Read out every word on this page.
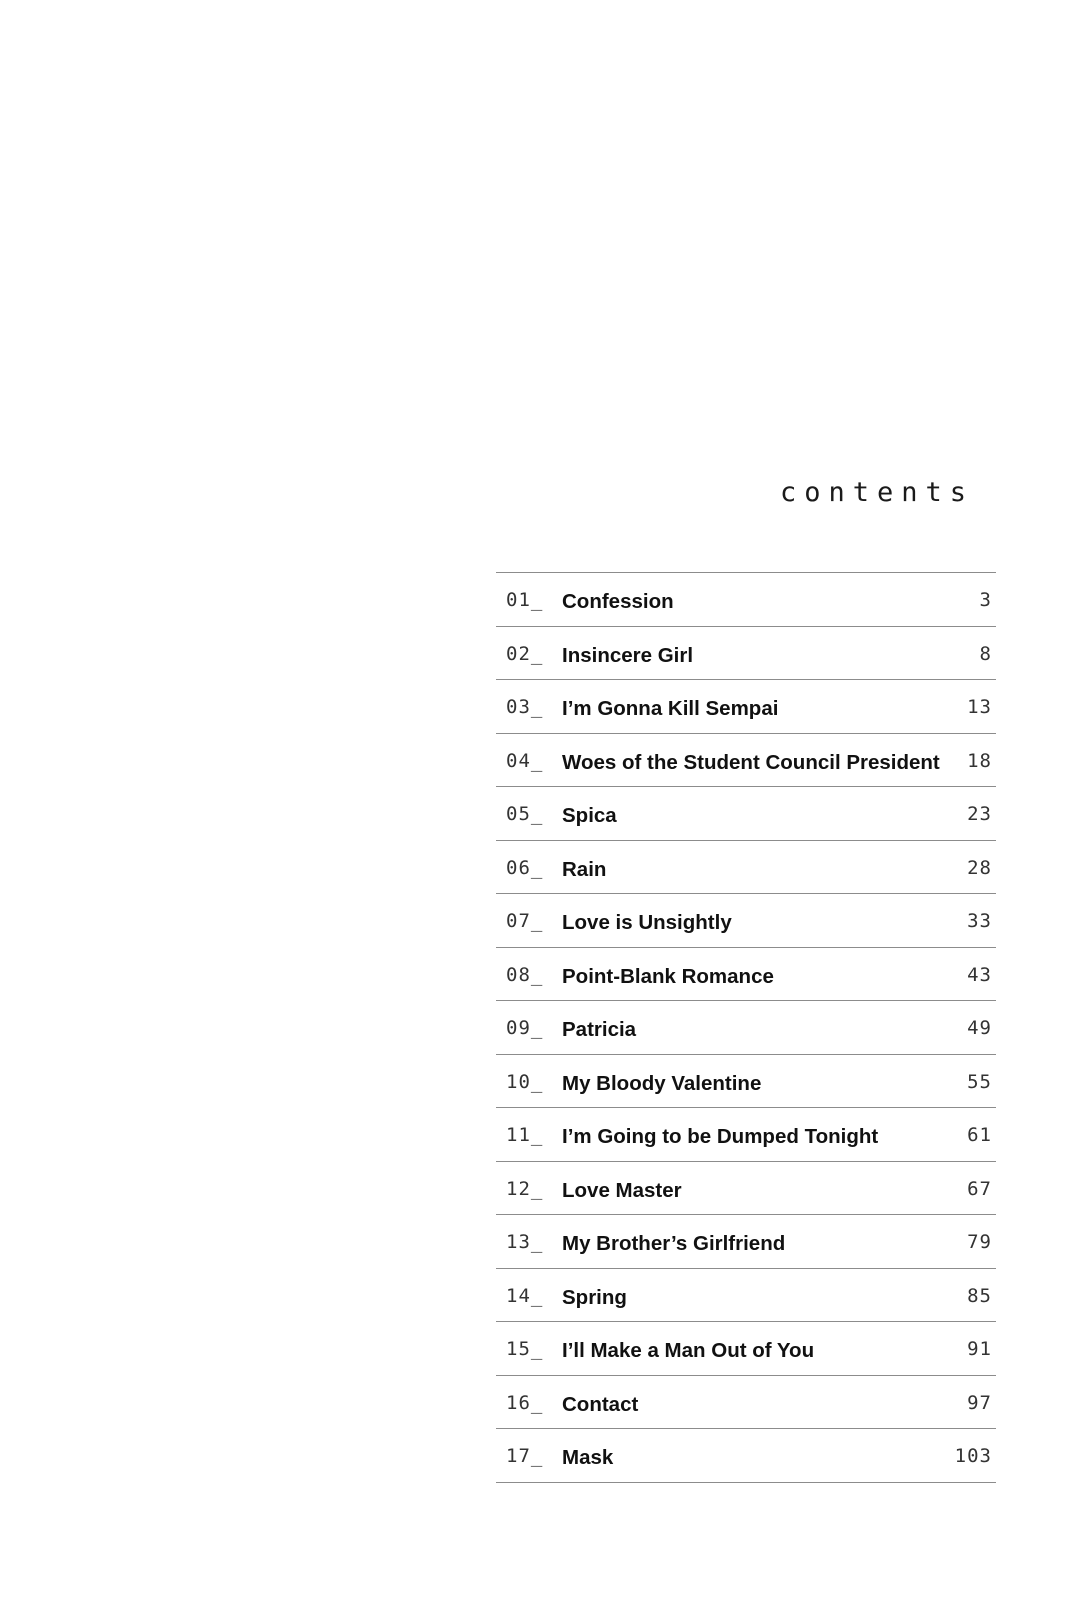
contents
01_ Confession	3
02_ Insincere Girl	8
03_ I’m Gonna Kill Sempai	13
04_ Woes of the Student Council President 18
05_ Spica	23
06_ Rain	28
07_ Love is Unsightly	33
08_ Point-Blank Romance	43
09_ Patricia	49
10_ My Bloody Valentine	55
11_ I’m Going to be Dumped Tonight	61
12_ Love Master	67
13_ My Brother’s Girlfriend	79
14_ Spring	85
15_ I’ll Make a Man Out of You	91
16_ Contact	97
17_ Mask	103
